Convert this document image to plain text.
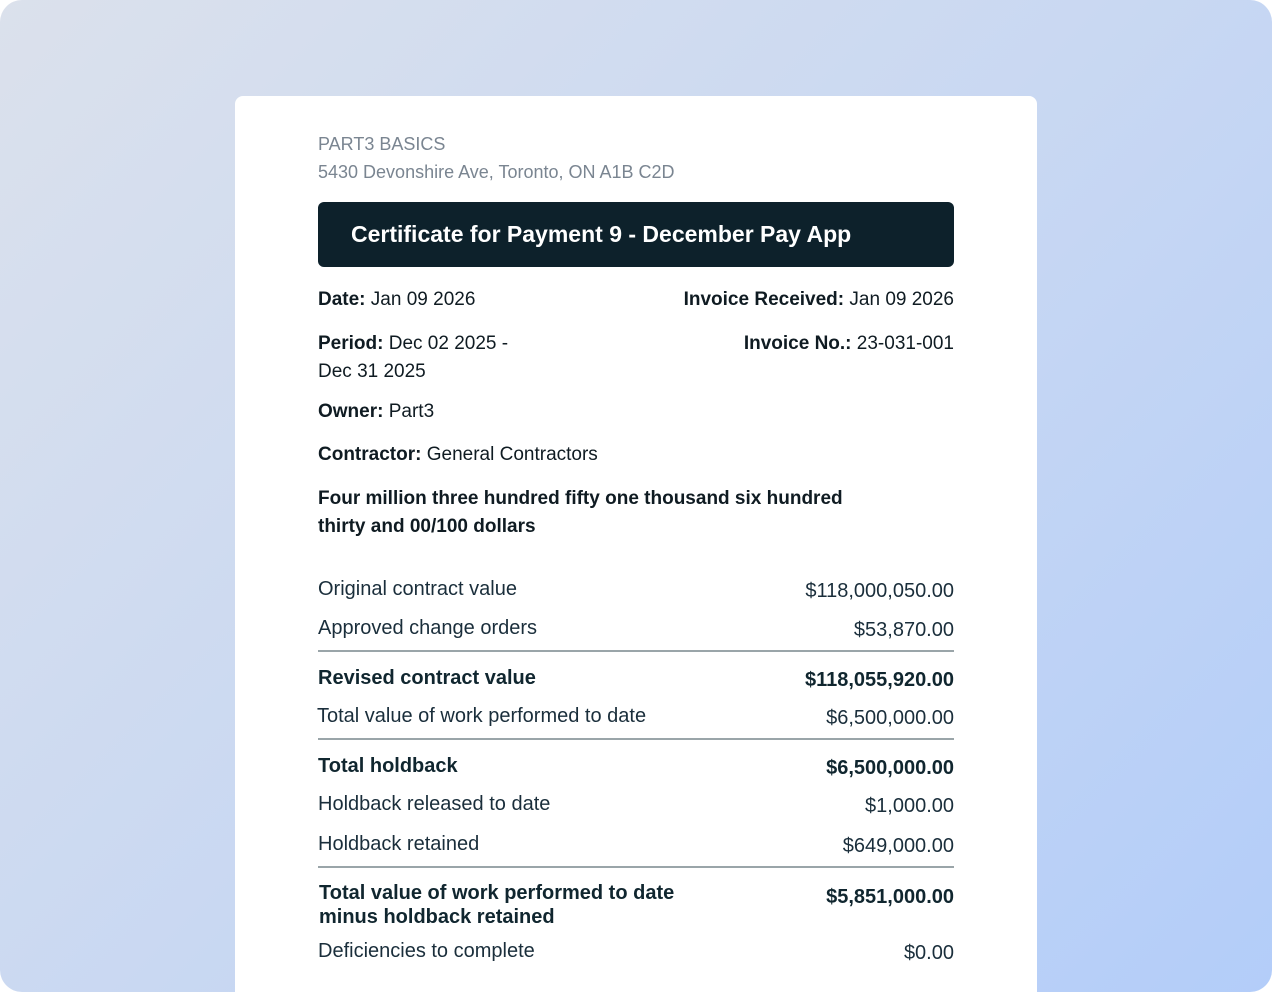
PART3 BASICS
5430 Devonshire Ave, Toronto, ON A1B C2D
Certificate for Payment 9 - December Pay App
Date: Jan 09 2026	Invoice Received: Jan 09 2026
Period: Dec 02 2025 -
Dec 31 2025
Invoice No.: 23-031-001
Owner: Part3
Contractor: General Contractors
Four million three hundred fifty one thousand six hundred
thirty and 00/100 dollars
Original contract value	$118,000,050.00
Approved change orders	$53,870.00
Revised contract value	$118,055,920.00
Total value of work performed to date	$6,500,000.00
Total holdback	$6,500,000.00
Holdback released to date	$1,000.00
Holdback retained	$649,000.00
Total value of work performed to date minus holdback retained
$5,851,000.00
Deficiencies to complete	$0.00
